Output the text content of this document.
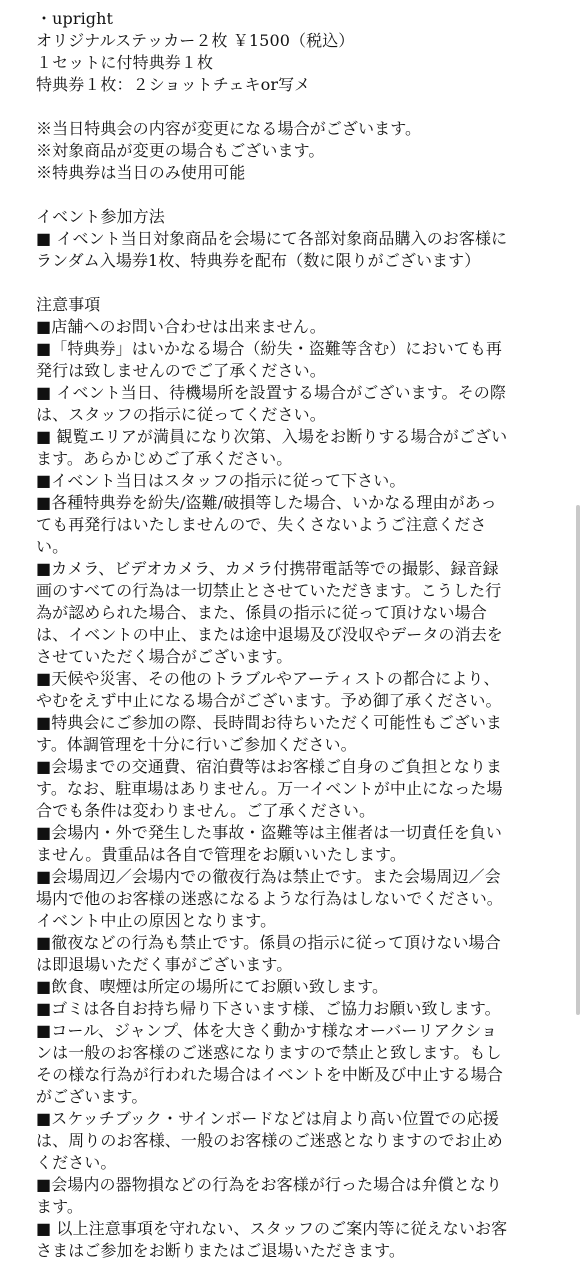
・upright
オリジナルステッカー２枚 ￥1500（税込）
１セットに付特典券１枚
特典券１枚：２ショットチェキor写メ
※当日特典会の内容が変更になる場合がございます。
※対象商品が変更の場合もございます。
※特典券は当日のみ使用可能
イベント参加方法
■ イベント当日対象商品を会場にて各部対象商品購入のお客様に
ランダム入場券1枚、特典券を配布（数に限りがございます）
注意事項
■店舗へのお問い合わせは出来ません。
■「特典券」はいかなる場合（紛失・盗難等含む）においても再
発行は致しませんのでご了承ください。
■ イベント当日、待機場所を設置する場合がございます。その際
は、スタッフの指示に従ってください。
■ 観覧エリアが満員になり次第、入場をお断りする場合がござい
ます。あらかじめご了承ください。
■イベント当日はスタッフの指示に従って下さい。
■各種特典券を紛失/盗難/破損等した場合、いかなる理由があっ
ても再発行はいたしませんので、失くさないようご注意くださ
い。
■カメラ、ビデオカメラ、カメラ付携帯電話等での撮影、録音録
画のすべての行為は一切禁止とさせていただきます。こうした行
為が認められた場合、また、係員の指示に従って頂けない場合
は、イベントの中止、または途中退場及び没収やデータの消去を
させていただく場合がございます。
■天候や災害、その他のトラブルやアーティストの都合により、
やむをえず中止になる場合がございます。予め御了承ください。
■特典会にご参加の際、長時間お待ちいただく可能性もございま
す。体調管理を十分に行いご参加ください。
■会場までの交通費、宿泊費等はお客様ご自身のご負担となりま
す。なお、駐車場はありません。万一イベントが中止になった場
合でも条件は変わりません。ご了承ください。
■会場内・外で発生した事故・盗難等は主催者は一切責任を負い
ません。貴重品は各自で管理をお願いいたします。
■会場周辺／会場内での徹夜行為は禁止です。また会場周辺／会
場内で他のお客様の迷惑になるような行為はしないでください。
イベント中止の原因となります。
■徹夜などの行為も禁止です。係員の指示に従って頂けない場合
は即退場いただく事がございます。
■飲食、喫煙は所定の場所にてお願い致します。
■ゴミは各自お持ち帰り下さいます様、ご協力お願い致します。
■コール、ジャンプ、体を大きく動かす様なオーバーリアクショ
ンは一般のお客様のご迷惑になりますので禁止と致します。もし
その様な行為が行われた場合はイベントを中断及び中止する場合
がございます。
■スケッチブック・サインボードなどは肩より高い位置での応援
は、周りのお客様、一般のお客様のご迷惑となりますのでお止め
ください。
■会場内の器物損などの行為をお客様が行った場合は弁償となり
ます。
■ 以上注意事項を守れない、スタッフのご案内等に従えないお客
さまはご参加をお断りまたはご退場いただきます。
